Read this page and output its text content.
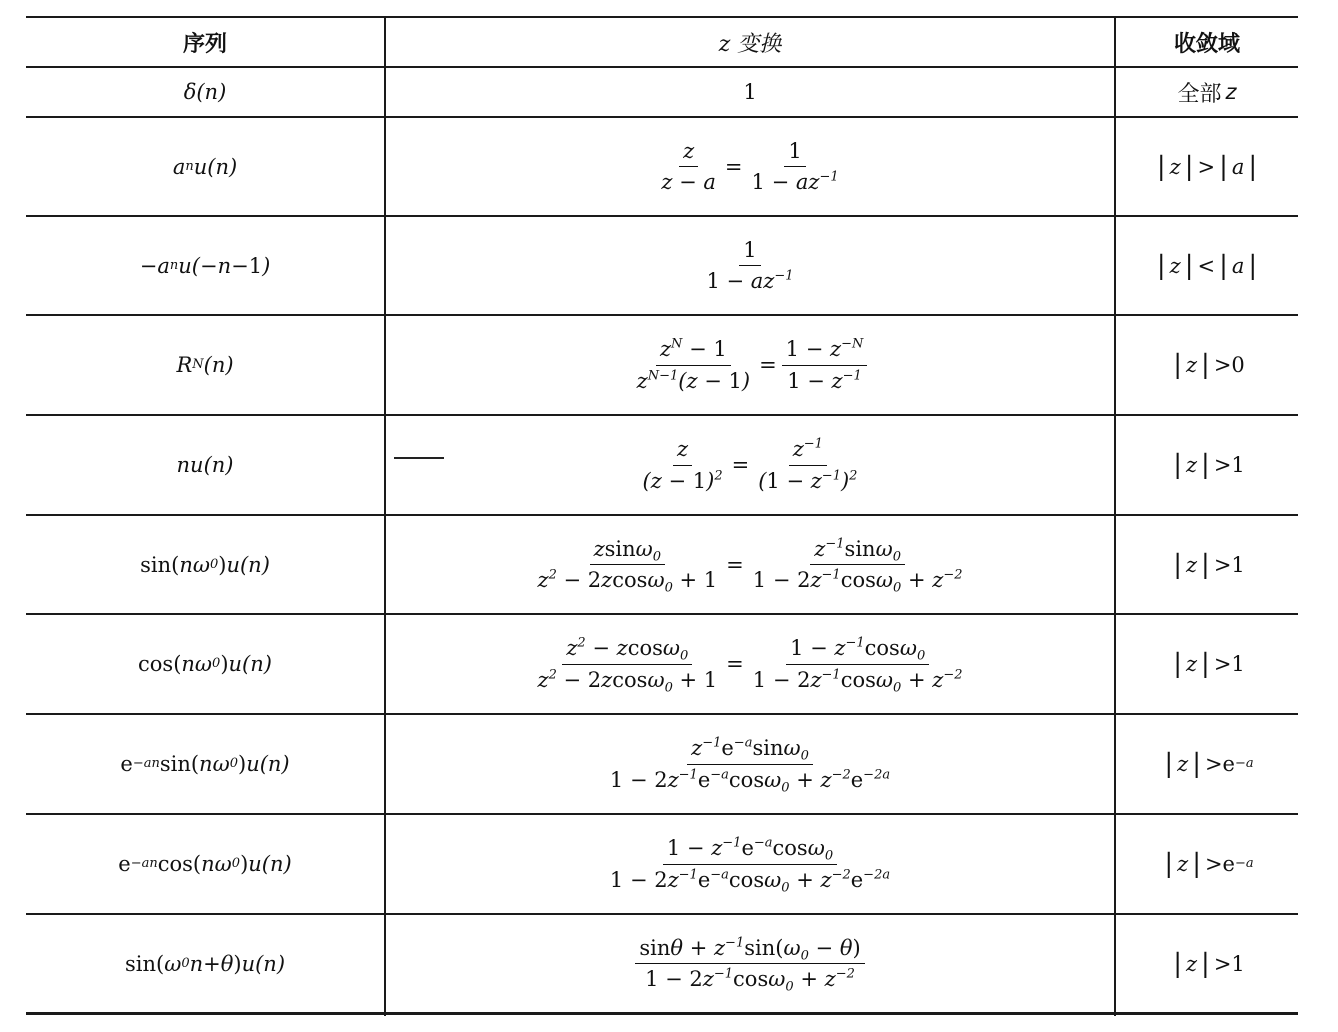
序列	z 变换	收敛域
δ(n)	1	全部 z
a n u(n)	$\frac{z}{z - a} = \frac{1}{1 - az^{-1}}$	| z | > | a |
− a n u( − n −1 )	$\frac{1}{1 - az^{-1}}$	| z | < | a |
R N (n)	$\frac{z^N - 1}{z^{N-1}(z - 1)} = \frac{1 - z^{-N}}{1 - z^{-1}}$	| z | >0
nu(n)	$\frac{z}{(z - 1)^2} = \frac{z^{-1}}{(1 - z^{-1})^2}$	| z | >1
sin( nω 0 ) u(n)	$\frac{zsin\omega_0}{z^2 - 2zcos\omega_0 + 1} = \frac{z^{-1}\sin\omega_0}{1 - 2z^{-1}\cos\omega_0 + z^{-2}}$	| z | >1
cos( nω 0 ) u(n)	$\frac{z^2 - zcos\omega_0}{z^2 - 2zcos\omega_0 + 1} = \frac{1 - z^{-1}\cos\omega_0}{1 - 2z^{-1}\cos\omega_0 + z^{-2}}$	| z | >1
e −an sin( nω 0 ) u(n)	$\frac{z^{-1}e^{-a}\sin\omega_0}{1 - 2z^{-1}e^{-a}\cos\omega_0 + z^{-2}e^{-2a}}$	| z | >e −a
e −an cos( nω 0 ) u(n)	$\frac{1 - z^{-1}e^{-a}\cos\omega_0}{1 - 2z^{-1}e^{-a}\cos\omega_0 + z^{-2}e^{-2a}}$	| z | >e −a
sin( ω 0 n + θ ) u(n)	$\frac{\sin\theta + z^{-1}\sin(\omega_0 - \theta)}{1 - 2z^{-1}\cos\omega_0 + z^{-2}}$	| z | >1
